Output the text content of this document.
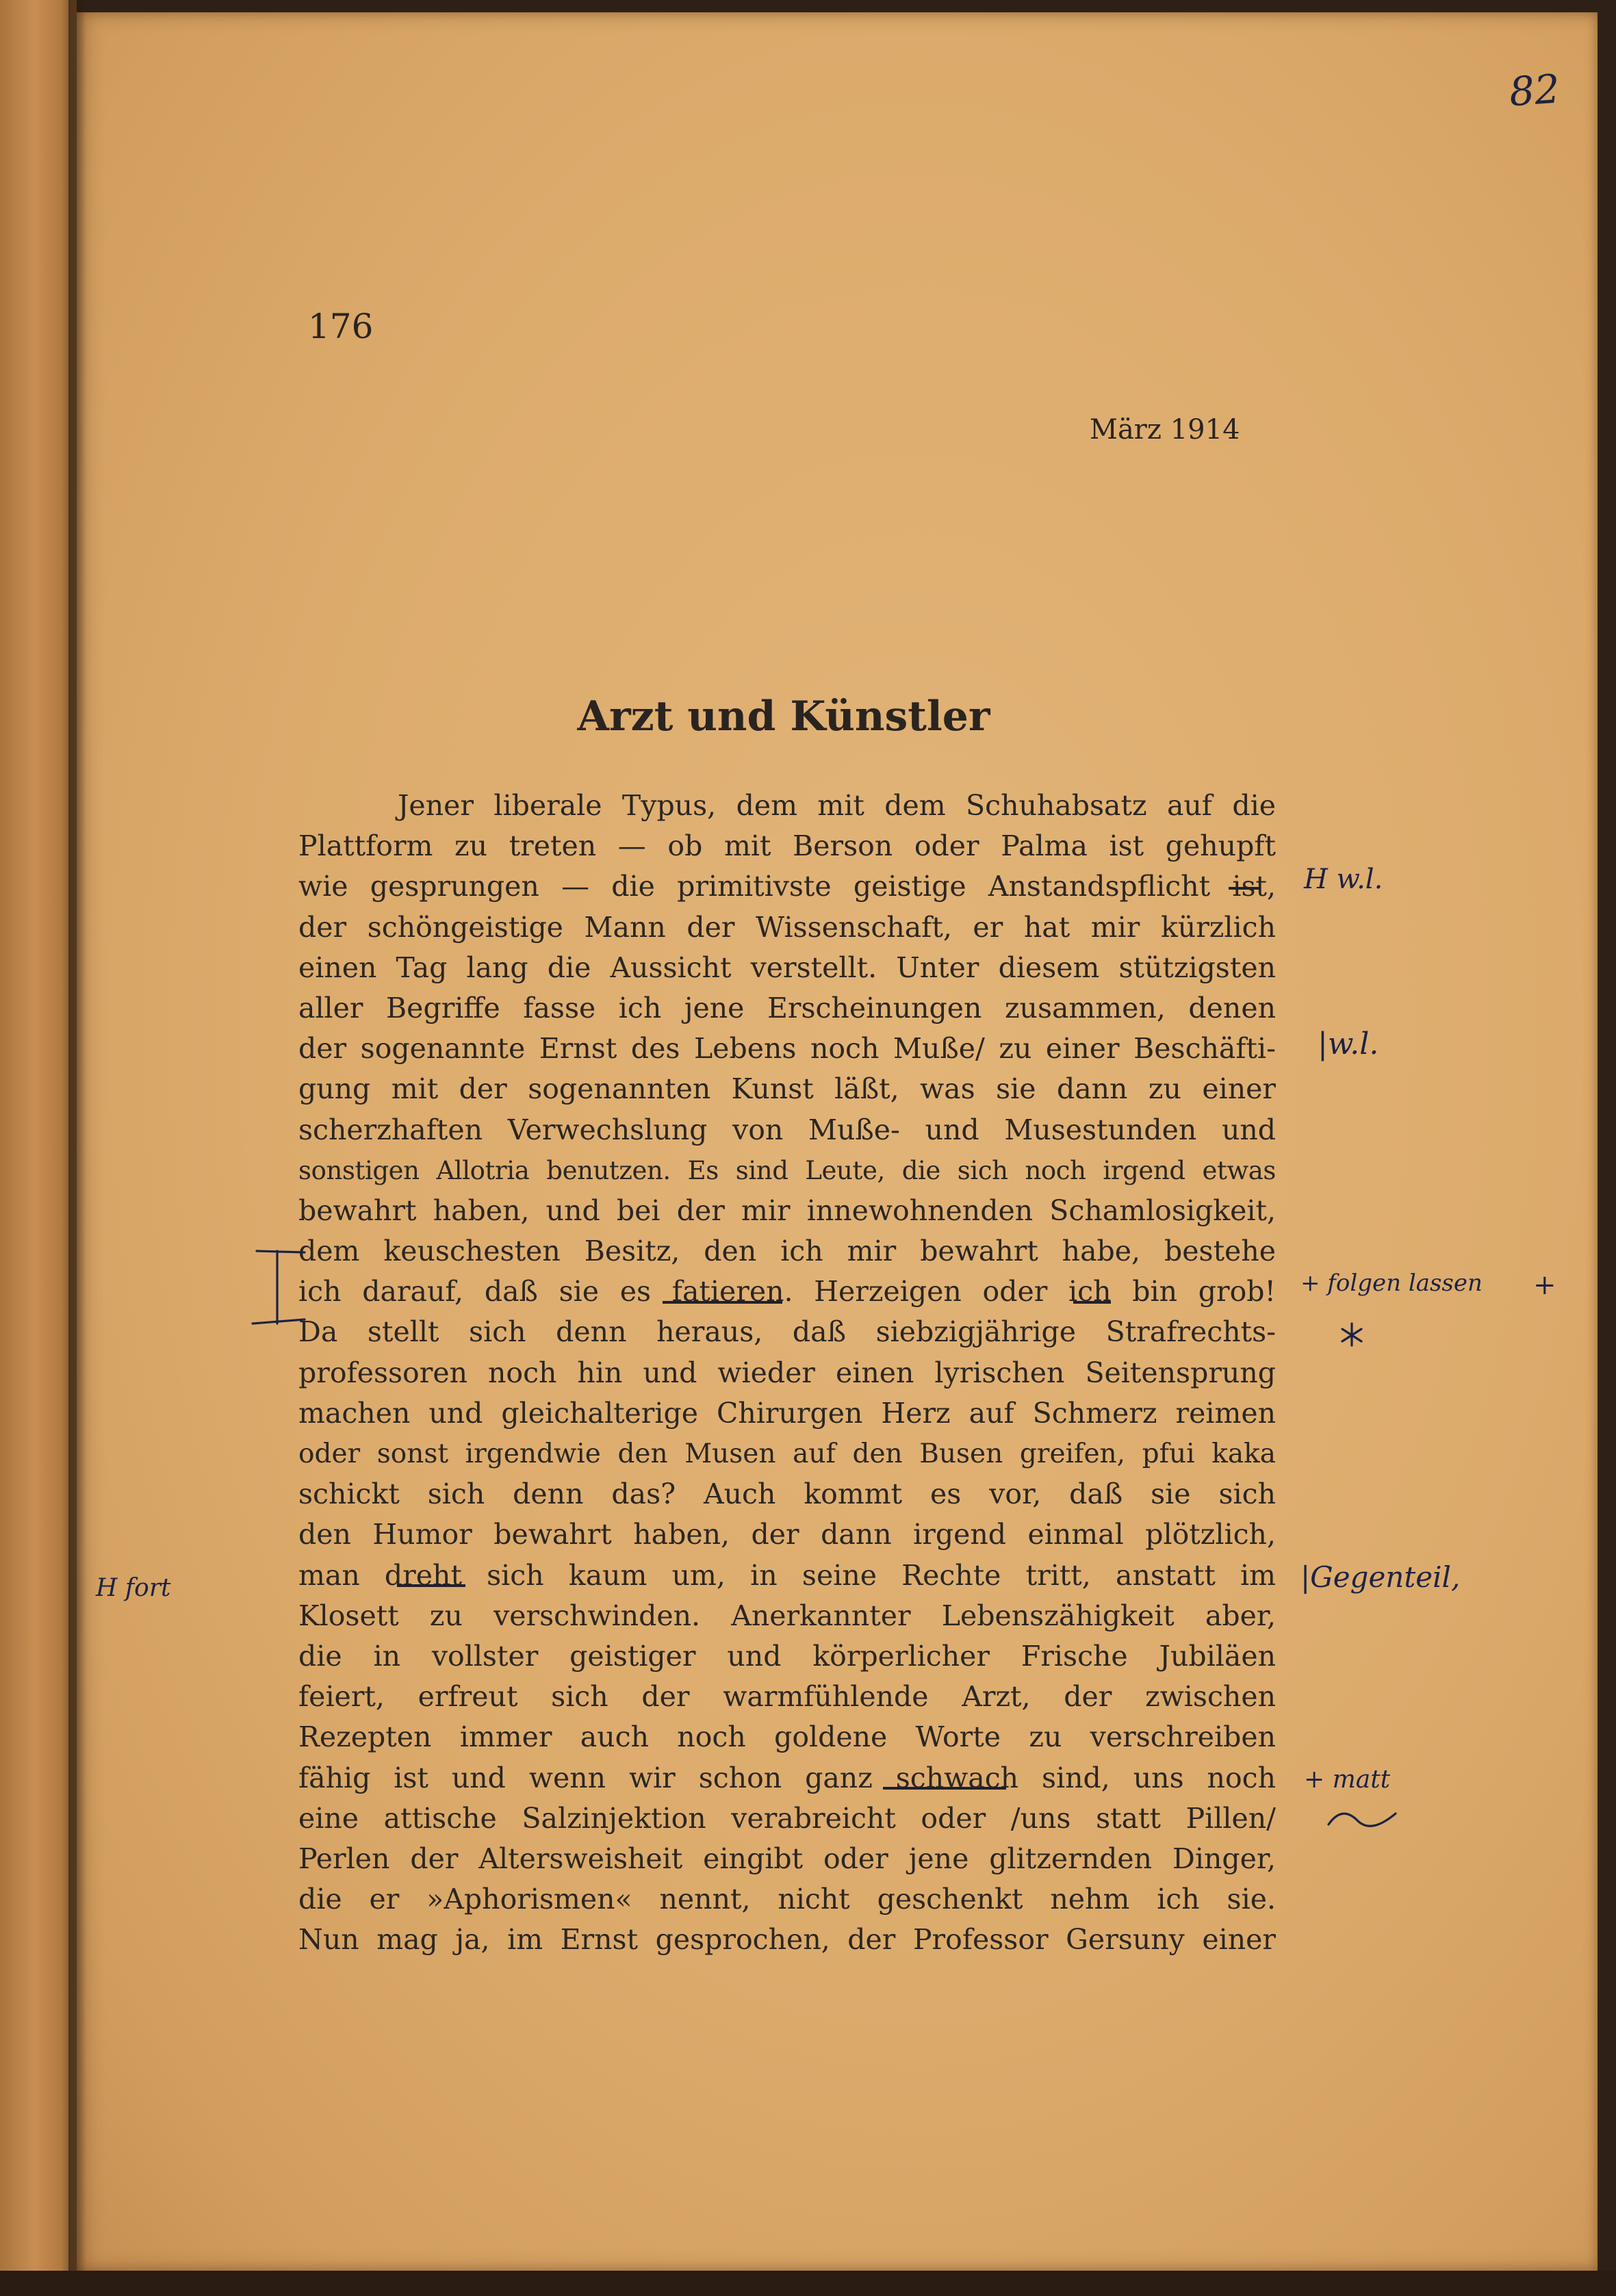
82

176

März 1914

Arzt und Künstler
Jener liberale Typus, dem mit dem Schuhabsatz auf die
Plattform zu treten — ob mit Berson oder Palma ist gehupft
wie gesprungen — die primitivste geistige Anstandspflicht ist,
der schöngeistige Mann der Wissenschaft, er hat mir kürzlich
einen Tag lang die Aussicht verstellt. Unter diesem stützigsten
aller Begriffe fasse ich jene Erscheinungen zusammen, denen
der sogenannte Ernst des Lebens noch Muße/ zu einer Beschäfti-
gung mit der sogenannten Kunst läßt, was sie dann zu einer
scherzhaften Verwechslung von Muße- und Musestunden und
sonstigen Allotria benutzen. Es sind Leute, die sich noch irgend etwas
bewahrt haben, und bei der mir innewohnenden Schamlosigkeit,
dem keuschesten Besitz, den ich mir bewahrt habe, bestehe
ich darauf, daß sie es fatieren. Herzeigen oder ich bin grob!
Da stellt sich denn heraus, daß siebzigjährige Strafrechts-
professoren noch hin und wieder einen lyrischen Seitensprung
machen und gleichalterige Chirurgen Herz auf Schmerz reimen
oder sonst irgendwie den Musen auf den Busen greifen, pfui kaka
schickt sich denn das? Auch kommt es vor, daß sie sich
den Humor bewahrt haben, der dann irgend einmal plötzlich,
man dreht sich kaum um, in seine Rechte tritt, anstatt im
Klosett zu verschwinden. Anerkannter Lebenszähigkeit aber,
die in vollster geistiger und körperlicher Frische Jubiläen
feiert, erfreut sich der warmfühlende Arzt, der zwischen
Rezepten immer auch noch goldene Worte zu verschreiben
fähig ist und wenn wir schon ganz schwach sind, uns noch
eine attische Salzinjektion verabreicht oder /uns statt Pillen/
Perlen der Altersweisheit eingibt oder jene glitzernden Dinger,
die er »Aphorismen« nennt, nicht geschenkt nehm ich sie.
Nun mag ja, im Ernst gesprochen, der Professor Gersuny einer
H w.l.
|w.l.
+ folgen lassen +
H fort	|Gegenteil,
+ matt
